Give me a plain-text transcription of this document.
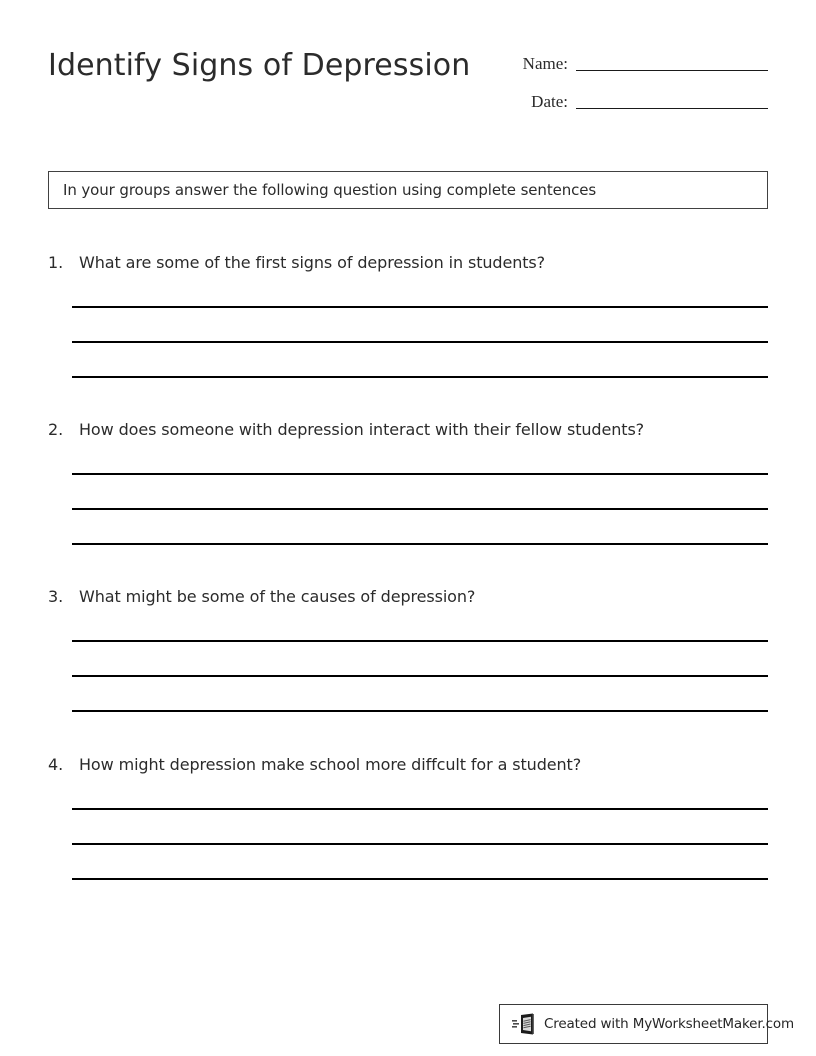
Identify Signs of Depression	Name:
Date:
In your groups answer the following question using complete sentences
1. What are some of the first signs of depression in students?
2. How does someone with depression interact with their fellow students?
3. What might be some of the causes of depression?
4. How might depression make school more diffcult for a student?
Created with MyWorksheetMaker.com
